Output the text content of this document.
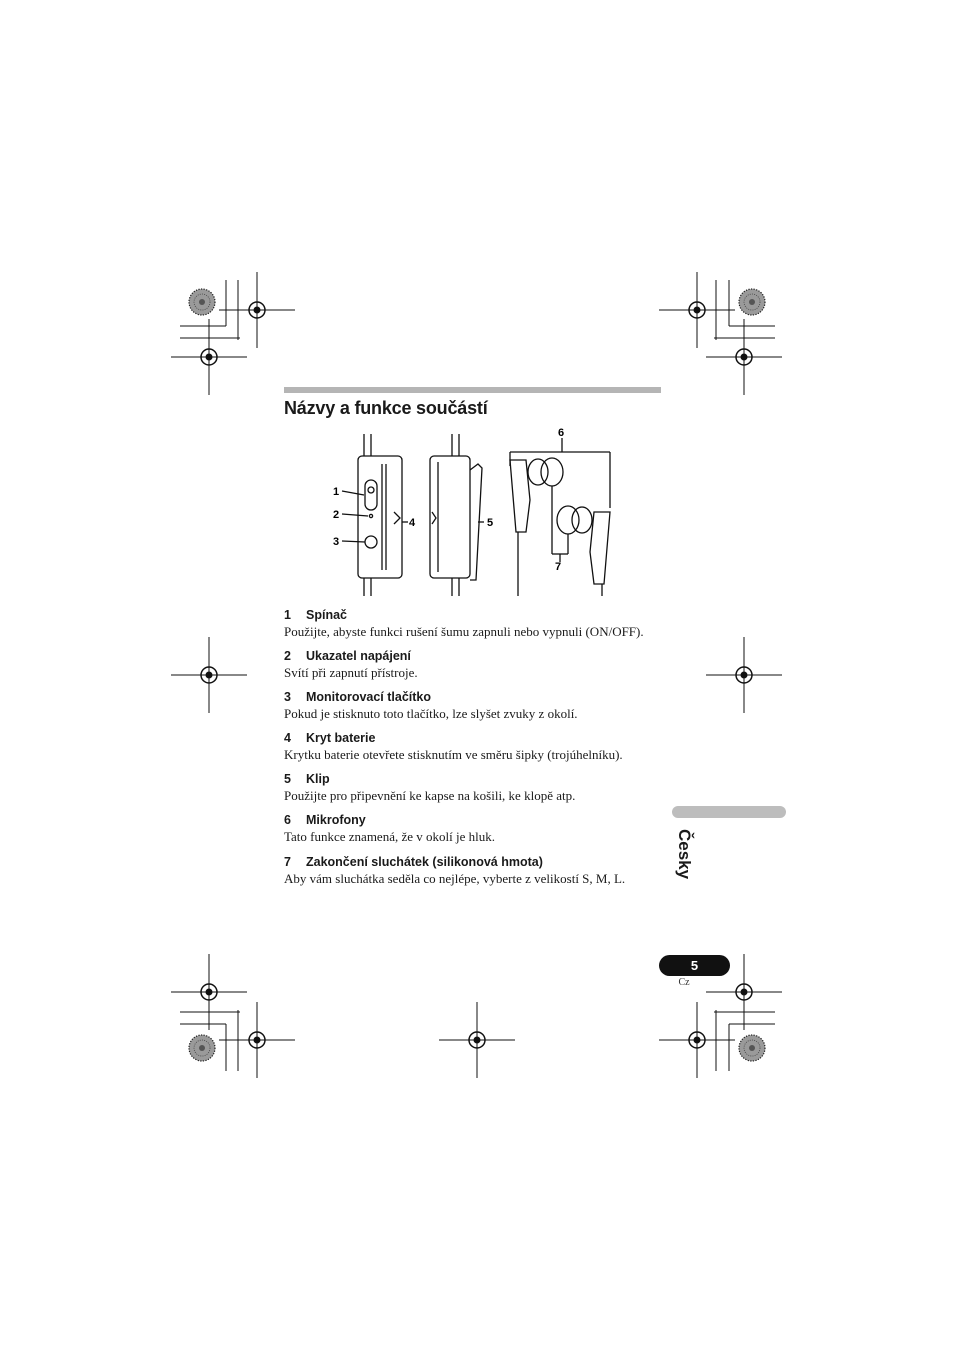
Názvy a funkce součástí
1
2
3
4	5
6
7
1 Spínač
Použijte, abyste funkci rušení šumu zapnuli nebo vypnuli (ON/OFF).
2 Ukazatel napájení
Svítí při zapnutí přístroje.
3 Monitorovací tlačítko
Pokud je stisknuto toto tlačítko, lze slyšet zvuky z okolí.
4 Kryt baterie
Krytku baterie otevřete stisknutím ve směru šipky (trojúhelníku).
5 Klip
Použijte pro připevnění ke kapse na košili, ke klopě atp.
6 Mikrofony
Tato funkce znamená, že v okolí je hluk.
7 Zakončení sluchátek (silikonová hmota)
Aby vám sluchátka seděla co nejlépe, vyberte z velikostí S, M, L.	Česky
5
Cz
